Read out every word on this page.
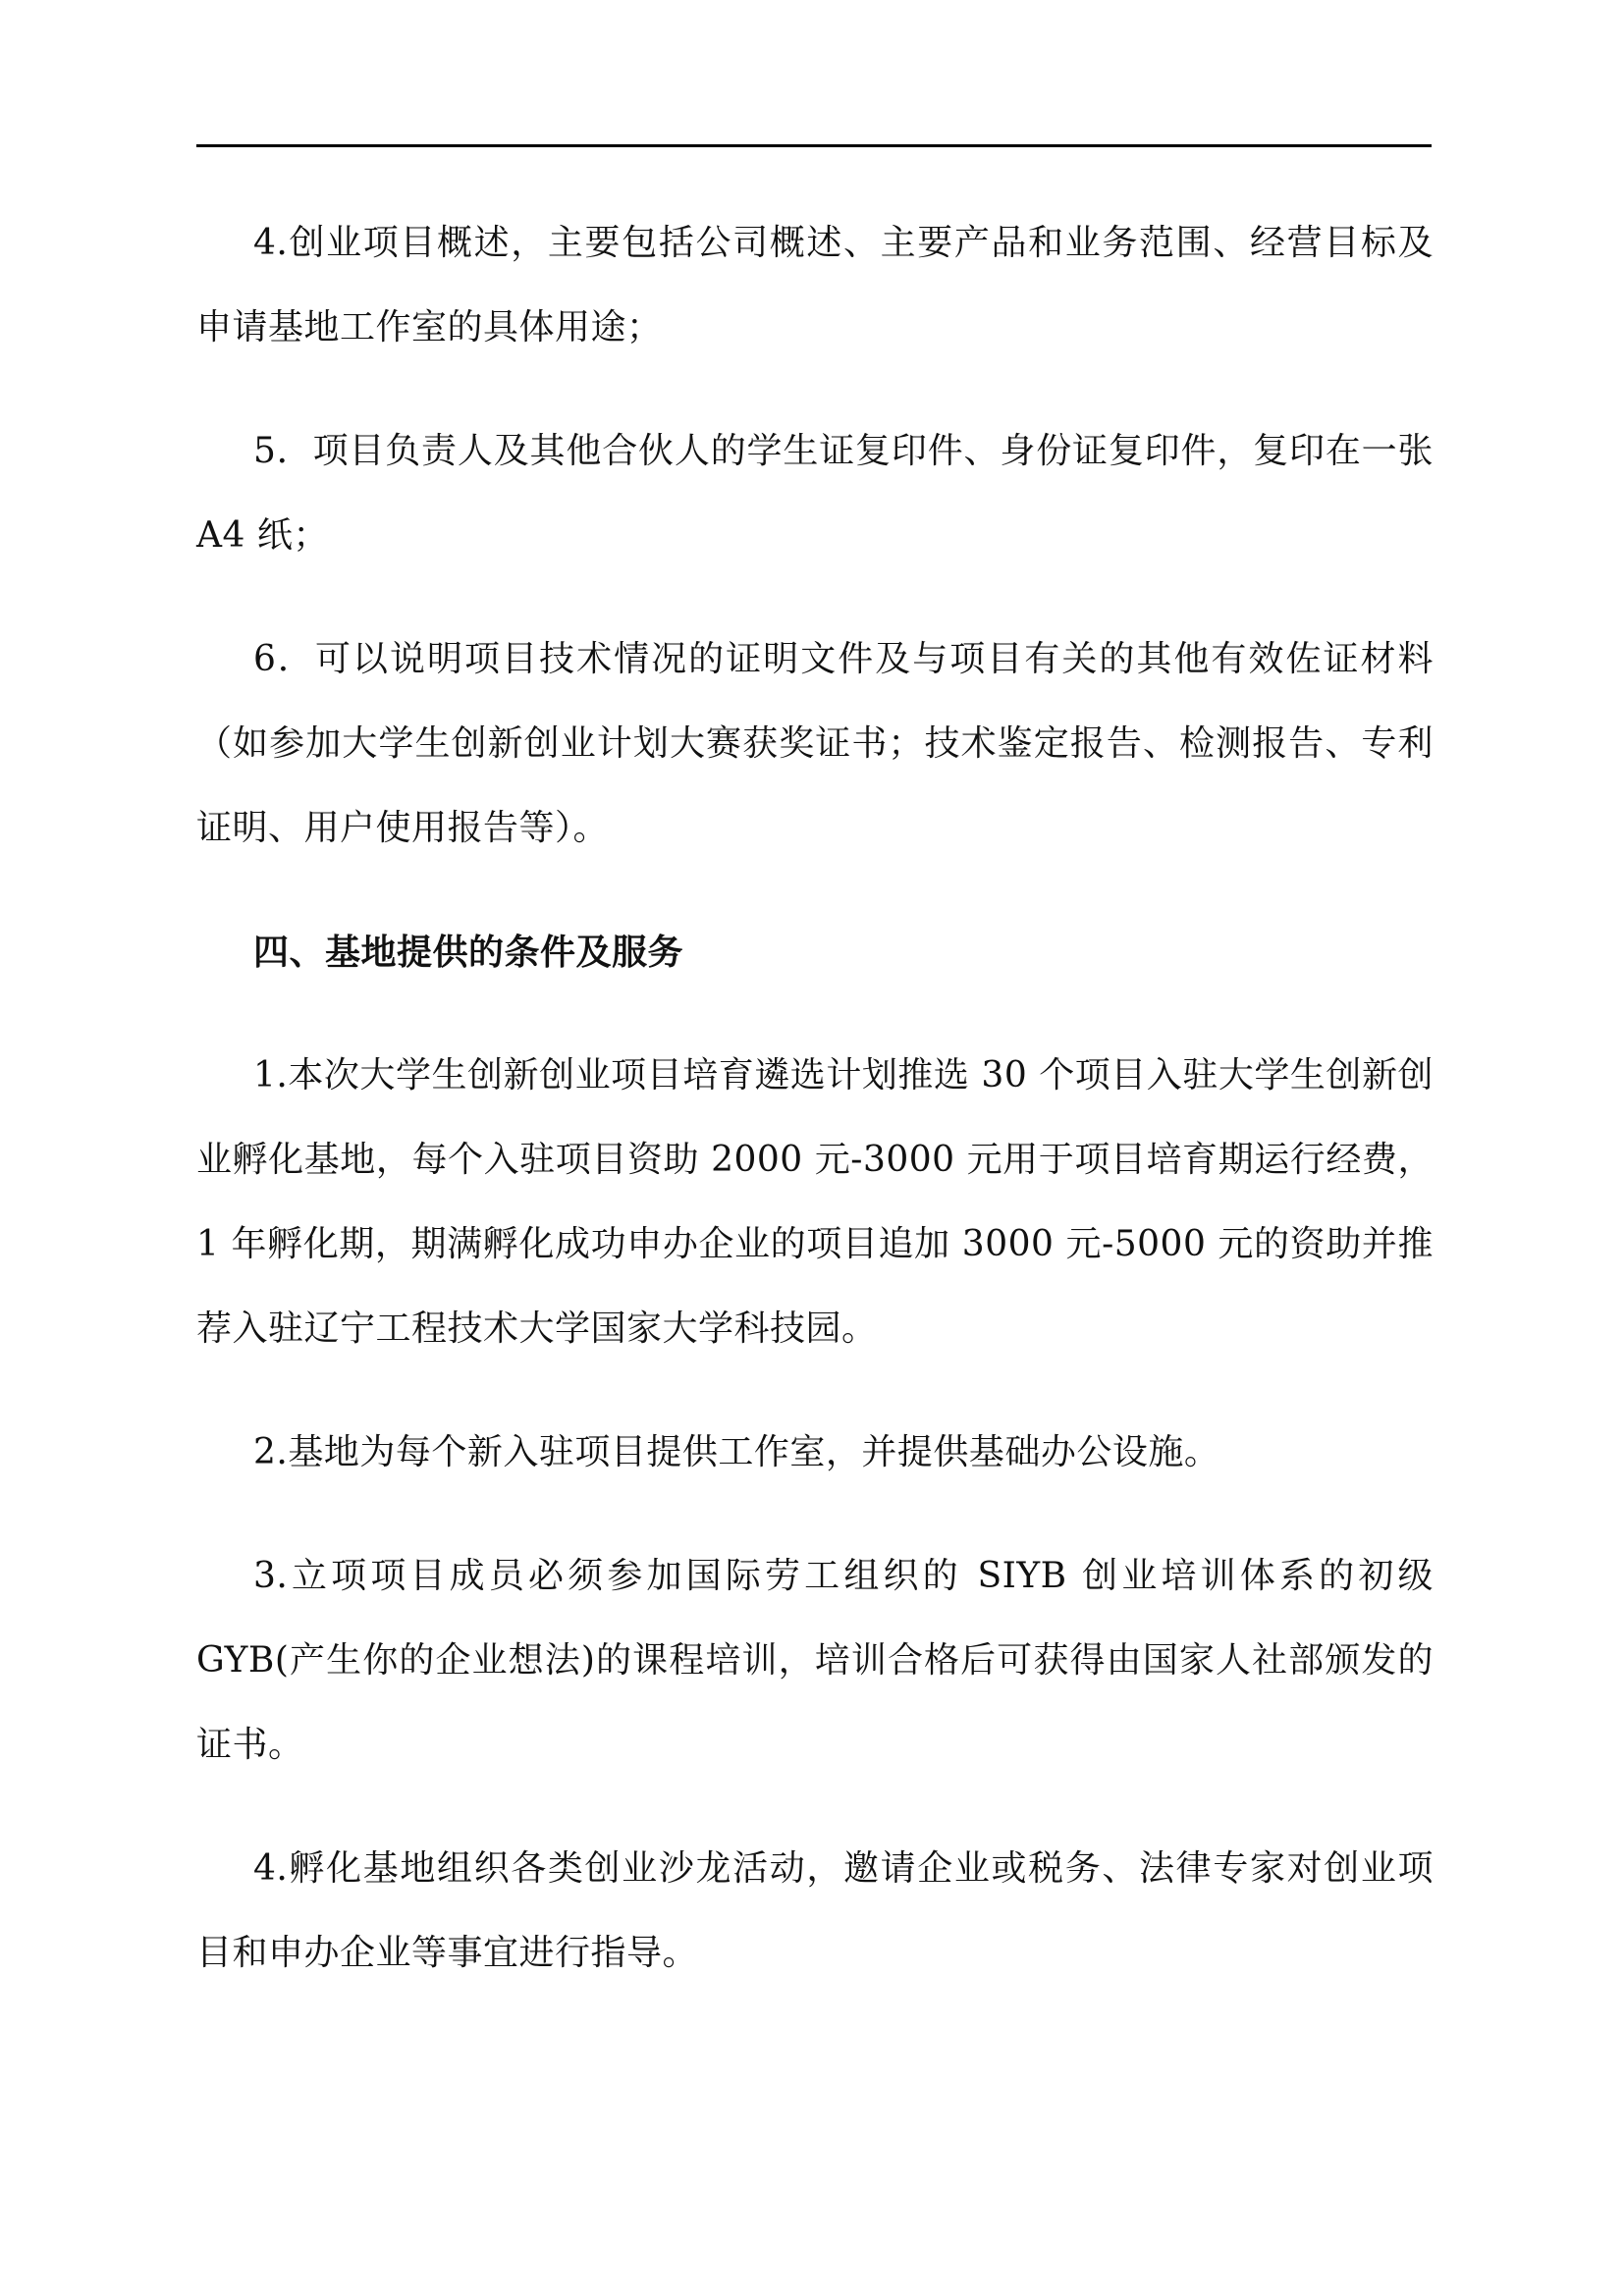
4.创业项目概述，主要包括公司概述、主要产品和业务范围、经营目标及申请基地工作室的具体用途；

5．项目负责人及其他合伙人的学生证复印件、身份证复印件，复印在一张 A4 纸；

6．可以说明项目技术情况的证明文件及与项目有关的其他有效佐证材料（如参加大学生创新创业计划大赛获奖证书；技术鉴定报告、检测报告、专利证明、用户使用报告等）。

四、基地提供的条件及服务

1.本次大学生创新创业项目培育遴选计划推选 30 个项目入驻大学生创新创业孵化基地，每个入驻项目资助 2000 元-3000 元用于项目培育期运行经费，1 年孵化期，期满孵化成功申办企业的项目追加 3000 元-5000 元的资助并推荐入驻辽宁工程技术大学国家大学科技园。

2.基地为每个新入驻项目提供工作室，并提供基础办公设施。

3.立项项目成员必须参加国际劳工组织的 SIYB 创业培训体系的初级GYB(产生你的企业想法)的课程培训，培训合格后可获得由国家人社部颁发的证书。

4.孵化基地组织各类创业沙龙活动，邀请企业或税务、法律专家对创业项目和申办企业等事宜进行指导。
